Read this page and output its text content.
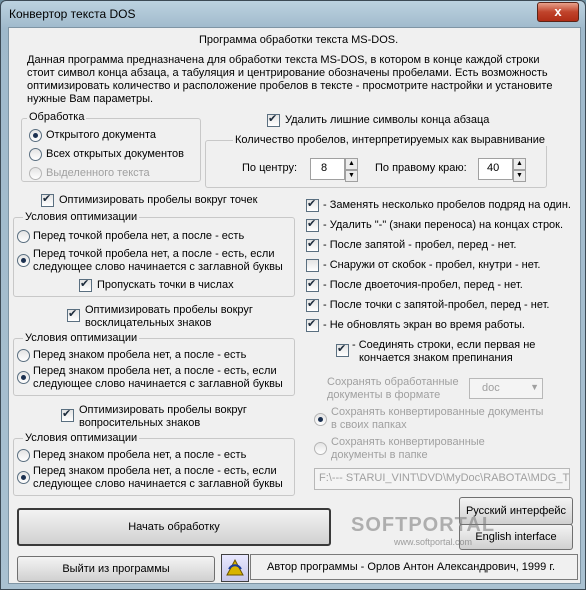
Конвертор текста DOS	x
Программа обработки текста MS-DOS.
Данная программа предназначена для обработки текста MS-DOS, в котором в конце каждой строки
стоит символ конца абзаца, а табуляция и центрирование обозначены пробелами. Есть возможность
оптимизировать количество и расположение пробелов в тексте - просмотрите настройки и установите
нужные Вам параметры.
Обработка
Открытого документа
Всех открытых документов
Выделенного текста
✔
Удалить лишние символы конца абзаца
Количество пробелов, интерпретируемых как выравнивание
По центру: 8	▲
▼
По правому краю: 40	▲
▼
✔
Оптимизировать пробелы вокруг точек
Условия оптимизации
Перед точкой пробела нет, а после - есть
Перед точкой пробела нет, а после - есть, если
следующее слово начинается с заглавной буквы
✔
Пропускать точки в числах
✔
Оптимизировать пробелы вокруг
восклицательных знаков
Условия оптимизации
Перед знаком пробела нет, а после - есть
Перед знаком пробела нет, а после - есть, если
следующее слово начинается с заглавной буквы
✔
Оптимизировать пробелы вокруг
вопросительных знаков
Условия оптимизации
Перед знаком пробела нет, а после - есть
Перед знаком пробела нет, а после - есть, если
следующее слово начинается с заглавной буквы
✔
- Заменять несколько пробелов подряд на один.
✔
- Удалить "-" (знаки переноса) на концах строк.
✔
- После запятой - пробел, перед - нет.
- Снаружи от скобок - пробел, кнутри - нет.
✔
- После двоеточия-пробел, перед - нет.
✔
- После точки с запятой-пробел, перед - нет.
✔
- Не обновлять экран во время работы.
✔
- Соединять строки, если первая не
кончается знаком препинания
Сохранять обработанные
документы в формате
doc	▼
Сохранять конвертированные документы
в своих папках
Сохранять конвертированные
документы в папке
F:\--- STARUI_VINT\DVD\MyDoc\RABOTA\MDG_T
Начать обработку
Русский интерфейс
English interface
SOFTPORTAL
www.softportal.com
Выйти из программы	Автор программы - Орлов Антон Александрович, 1999 г.
